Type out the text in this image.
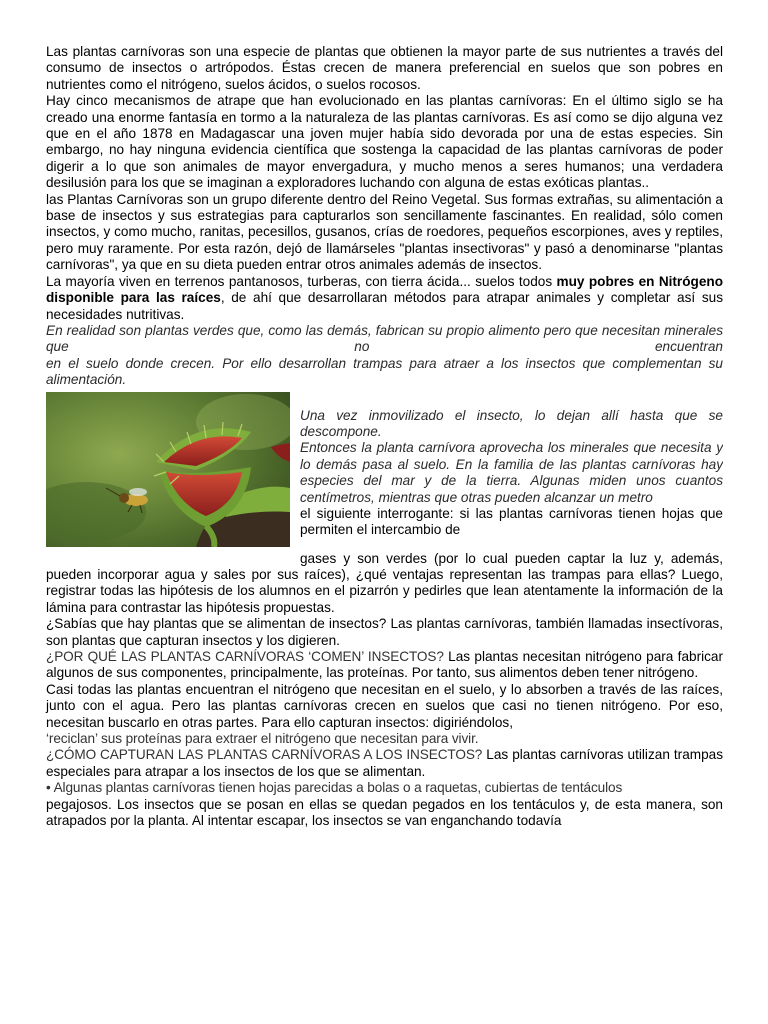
Las plantas carnívoras son una especie de plantas que obtienen la mayor parte de sus nutrientes a través del consumo de insectos o artrópodos. Éstas crecen de manera preferencial en suelos que son pobres en nutrientes como el nitrógeno, suelos ácidos, o suelos rocosos.

Hay cinco mecanismos de atrape que han evolucionado en las plantas carnívoras: En el último siglo se ha creado una enorme fantasía en tormo a la naturaleza de las plantas carnívoras. Es así como se dijo alguna vez que en el año 1878 en Madagascar una joven mujer había sido devorada por una de estas especies. Sin embargo, no hay ninguna evidencia científica que sostenga la capacidad de las plantas carnívoras de poder digerir a lo que son animales de mayor envergadura, y mucho menos a seres humanos; una verdadera desilusión para los que se imaginan a exploradores luchando con alguna de estas exóticas plantas..

las Plantas Carnívoras son un grupo diferente dentro del Reino Vegetal. Sus formas extrañas, su alimentación a base de insectos y sus estrategias para capturarlos son sencillamente fascinantes. En realidad, sólo comen insectos, y como mucho, ranitas, pecesillos, gusanos, crías de roedores, pequeños escorpiones, aves y reptiles, pero muy raramente. Por esta razón, dejó de llamárseles "plantas insectivoras" y pasó a denominarse "plantas carnívoras", ya que en su dieta pueden entrar otros animales además de insectos.

La mayoría viven en terrenos pantanosos, turberas, con tierra ácida... suelos todos muy pobres en Nitrógeno disponible para las raíces, de ahí que desarrollaran métodos para atrapar animales y completar así sus necesidades nutritivas.

En realidad son plantas verdes que, como las demás, fabrican su propio alimento pero que necesitan minerales que no encuentran

en el suelo donde crecen. Por ello desarrollan trampas para atraer a los insectos que complementan su alimentación.

Una vez inmovilizado el insecto, lo dejan allí hasta que se descompone.

Entonces la planta carnívora aprovecha los minerales que necesita y lo demás pasa al suelo. En la familia de las plantas carnívoras hay especies del mar y de la tierra. Algunas miden unos cuantos centímetros, mientras que otras pueden alcanzar un metro

el siguiente interrogante: si las plantas carnívoras tienen hojas que permiten el intercambio de

gases y son verdes (por lo cual pueden captar la luz y, además, pueden incorporar agua y sales por sus raíces), ¿qué ventajas representan las trampas para ellas? Luego, registrar todas las hipótesis de los alumnos en el pizarrón y pedirles que lean atentamente la información de la lámina para contrastar las hipótesis propuestas.

¿Sabías que hay plantas que se alimentan de insectos? Las plantas carnívoras, también llamadas insectívoras, son plantas que capturan insectos y los digieren.

¿POR QUÉ LAS PLANTAS CARNÍVORAS ‘COMEN’ INSECTOS? Las plantas necesitan nitrógeno para fabricar algunos de sus componentes, principalmente, las proteínas. Por tanto, sus alimentos deben tener nitrógeno.

Casi todas las plantas encuentran el nitrógeno que necesitan en el suelo, y lo absorben a través de las raíces, junto con el agua. Pero las plantas carnívoras crecen en suelos que casi no tienen nitrógeno. Por eso, necesitan buscarlo en otras partes. Para ello capturan insectos: digiriéndolos,

‘reciclan’ sus proteínas para extraer el nitrógeno que necesitan para vivir.

¿CÓMO CAPTURAN LAS PLANTAS CARNÍVORAS A LOS INSECTOS? Las plantas carnívoras utilizan trampas especiales para atrapar a los insectos de los que se alimentan.

• Algunas plantas carnívoras tienen hojas parecidas a bolas o a raquetas, cubiertas de tentáculos

pegajosos. Los insectos que se posan en ellas se quedan pegados en los tentáculos y, de esta manera, son atrapados por la planta. Al intentar escapar, los insectos se van enganchando todavía
